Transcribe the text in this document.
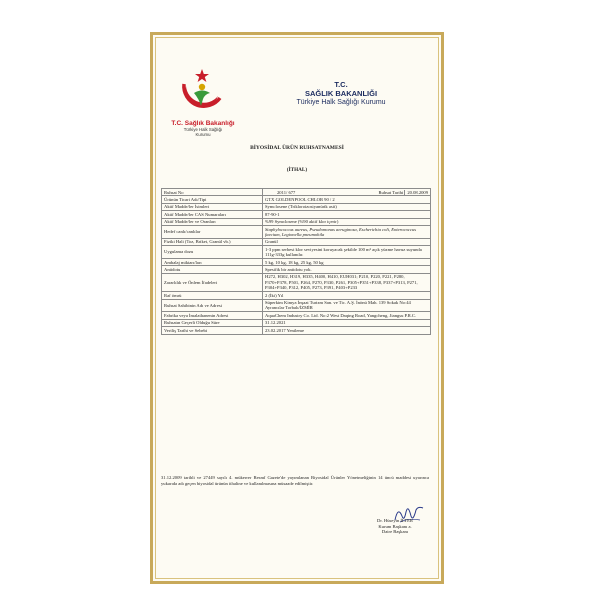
T.C. Sağlık Bakanlığı
Türkiye Halk Sağlığı
Kurumu
T.C.
SAĞLIK BAKANLIĞI
Türkiye Halk Sağlığı Kurumu
BİYOSİDAL ÜRÜN RUHSATNAMESİ
(İTHAL)
Ruhsat No	2011/ 677 Ruhsat Tarihi 20.08.2009

Ürünün Ticari Adı/Tipi	GTX GOLDENPOOL CHLOR 90 / 2
Aktif Madde/ler İsimleri	Symclosene (Trikloroizosiyanürik asit)
Aktif Madde/ler CAS Numaraları	87-90-1
Aktif Madde/ler ve Oranları	%99 Symclosene (%90 aktif klor içerir)
Hedef canlı/canlılar	Staphylococcus aureus, Pseudomonas aeruginosa, Escherichia coli, Enterococcus faecium, Legionella pneumohila
Fiziki Hali (Toz, Briket, Granül vb.)	Granül
Uygulama dozu	1-3 ppm serbest klor seviyesini koruyacak şekilde 100 m³ açık yüzme havuz suyunda 111g-333g kullanılır.
Ambalaj miktarı/ları	5 kg, 10 kg, 18 kg, 25 kg, 50 kg
Antidotu	Spesifik bir antidotu yok.
Zararlılık ve Önlem İfadeleri	H272, H302, H319, H335, H400, H410, EUH031; P210, P220, P221, P280, P370+P378, P501, P264, P270, P330, P261, P305+P351+P338, P337+P313, P271, P304+P340, P312, P405, P273, P391, P403+P233
Raf ömrü	2 (İki) Yıl
Ruhsat Sahibinin Adı ve Adresi	Süperkim Kimya İnşaat Turizm San. ve Tic. A.Ş. İnönü Mah. 139 Sokak No:44 Ayrancılar Torbalı/İZMİR
Fabrika veya İmalathanenin Adresi	AquaChem Industry Co. Ltd. No:2 West Daqing Road, Yangcheng, Jiangsu P.R.C.
Ruhsatın Geçerli Olduğu Süre	31.12.2021
Veriliş Tarihi ve Sebebi	23.02.2017 Yenileme
31.12.2009 tarihli ve 27449 sayılı 4. mükerrer Resmî Gazete'de yayımlanan Biyosidal Ürünler Yönetmeliğinin 14 üncü maddesi uyarınca yukarıda adı geçen biyosidal ürünün ithaline ve kullanılmasına müsaade edilmiştir.
Dr. Hüseyin İLTER
Kurum Başkanı a.
Daire Başkanı
